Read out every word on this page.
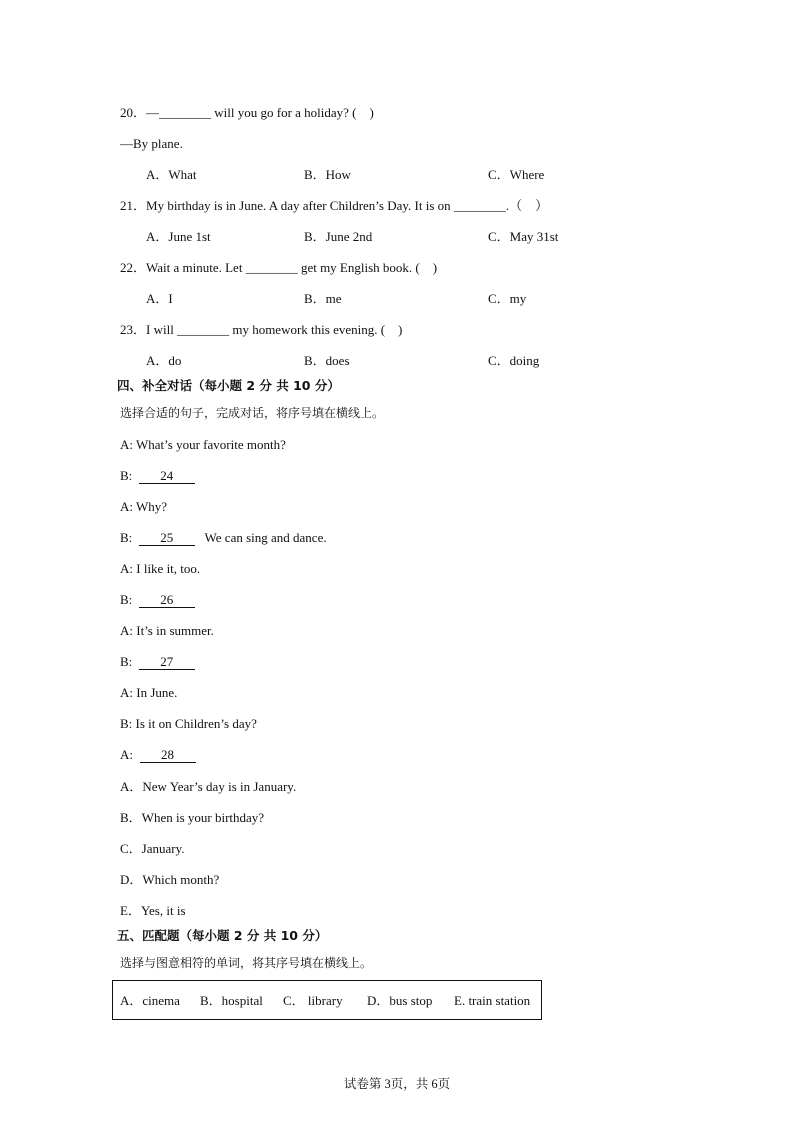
20．—________ will you go for a holiday? (　)
—By plane.
A．What	B．How	C．Where
21．My birthday is in June. A day after Children’s Day. It is on ________.（　）
A．June 1st	B．June 2nd	C．May 31st
22．Wait a minute. Let ________ get my English book. (　)
A．I	B．me	C．my
23．I will ________ my homework this evening. (　)
A．do	B．does	C．doing
四、补全对话（每小题 2 分 共 10 分）
选择合适的句子，完成对话，将序号填在横线上。
A: What’s your favorite month?
B: 24
A: Why?
B: 25 We can sing and dance.
A: I like it, too.
B: 26
A: It’s in summer.
B: 27
A: In June.
B: Is it on Children’s day?
A: 28
A．New Year’s day is in January.
B．When is your birthday?
C．January.
D．Which month?
E．Yes, it is
五、匹配题（每小题 2 分 共 10 分）
选择与图意相符的单词，将其序号填在横线上。
A．cinema B．hospital C． library D．bus stop E. train station
试卷第 3页，共 6页
